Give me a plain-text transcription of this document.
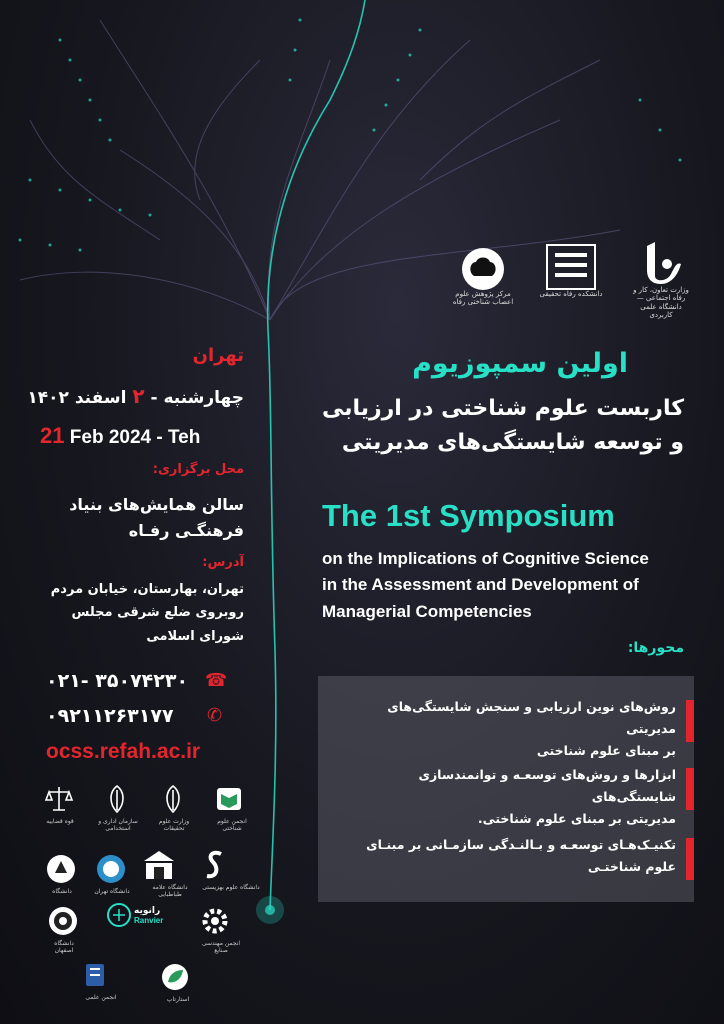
وزارت تعاون، کار و رفاه اجتماعی — دانشگاه علمی کاربردی
دانشکده رفاه تحقیقی
مرکز پژوهش علوم اعصاب شناختی رفاه
اولین سمپوزیوم
کاربست علوم شناختی در ارزیابی
و توسعه شایستگی‌های مدیریتی
The 1st Symposium
on the Implications of Cognitive Science
in the Assessment and Development of
Managerial Competencies
محورها:
روش‌های نوین ارزیابی و سنجش شایستگی‌های مدیریتی
بر مبنای علوم شناختی
ابزارها و روش‌های توسعـه و توانمندسازی شایستگی‌های
مدیریتی بر مبنای علوم شناختی.
تکنیـک‌هـای توسعـه و بـالنـدگی سازمـانی بر مبنـای
علوم شناختـی
تهران
چهارشنبه - ۲ اسفند ۱۴۰۲
21 Feb 2024 - Teh
محل برگزاری:
سالن همایش‌های بنیاد
فرهنگـی رفـاه
آدرس:
تهران، بهارستان، خیابان مردم
روبروی ضلع شرقی مجلس
شورای اسلامی
۰۲۱- ۳۵۰۷۴۲۳۰ ☎
۰۹۲۱۱۲۶۳۱۷۷ ✆
ocss.refah.ac.ir
قوه قضاییه	سازمان اداری و استخدامی
وزارت علوم تحقیقات
انجمن علوم شناختی
دانشگاه	دانشگاه تهران
دانشگاه علامه طباطبایی
دانشگاه علوم بهزیستی
دانشگاه اصفهان
رانویه
Ranvier
انجمن مهندسی صنایع
انجمن علمی	استارتاپ
